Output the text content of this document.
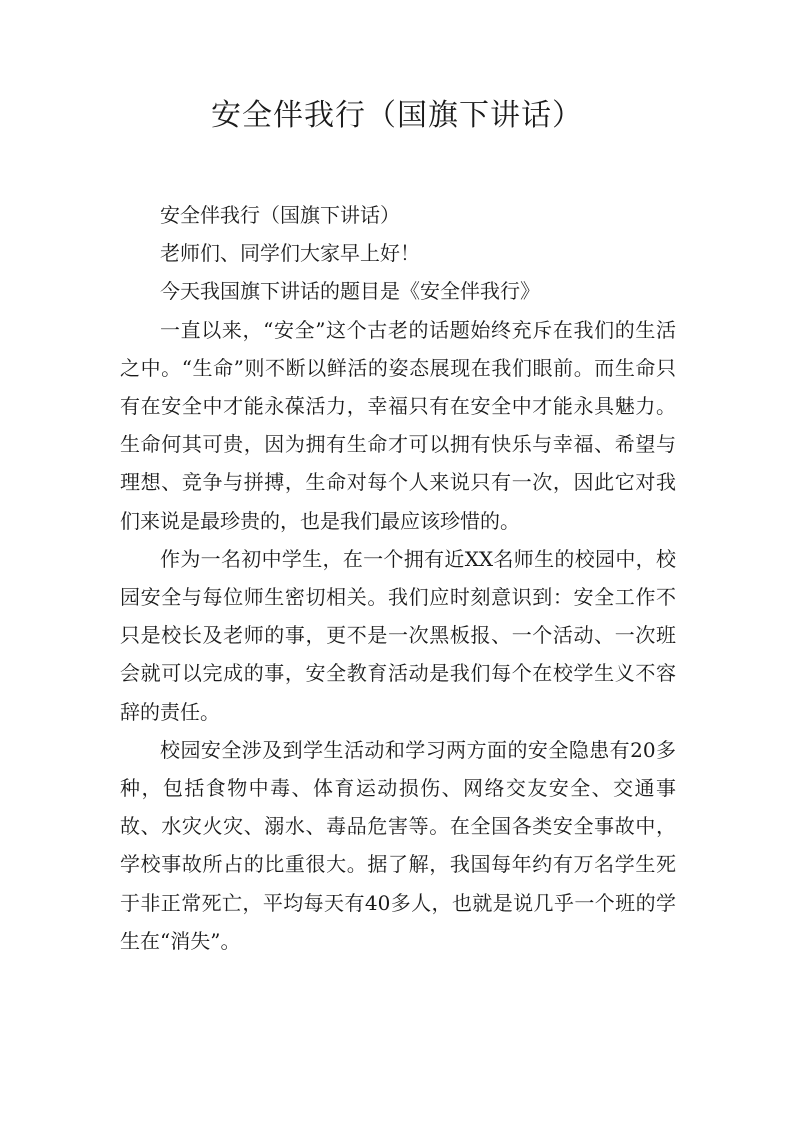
安全伴我行（国旗下讲话）

安全伴我行（国旗下讲话）

老师们、同学们大家早上好！

今天我国旗下讲话的题目是《安全伴我行》

一直以来，“安全”这个古老的话题始终充斥在我们的生活之中。“生命”则不断以鲜活的姿态展现在我们眼前。而生命只有在安全中才能永葆活力，幸福只有在安全中才能永具魅力。生命何其可贵，因为拥有生命才可以拥有快乐与幸福、希望与理想、竞争与拼搏，生命对每个人来说只有一次，因此它对我们来说是最珍贵的，也是我们最应该珍惜的。

作为一名初中学生，在一个拥有近XX名师生的校园中，校园安全与每位师生密切相关。我们应时刻意识到：安全工作不只是校长及老师的事，更不是一次黑板报、一个活动、一次班会就可以完成的事，安全教育活动是我们每个在校学生义不容辞的责任。

校园安全涉及到学生活动和学习两方面的安全隐患有20多种，包括食物中毒、体育运动损伤、网络交友安全、交通事故、水灾火灾、溺水、毒品危害等。在全国各类安全事故中，学校事故所占的比重很大。据了解，我国每年约有万名学生死于非正常死亡，平均每天有40多人，也就是说几乎一个班的学生在“消失”。
